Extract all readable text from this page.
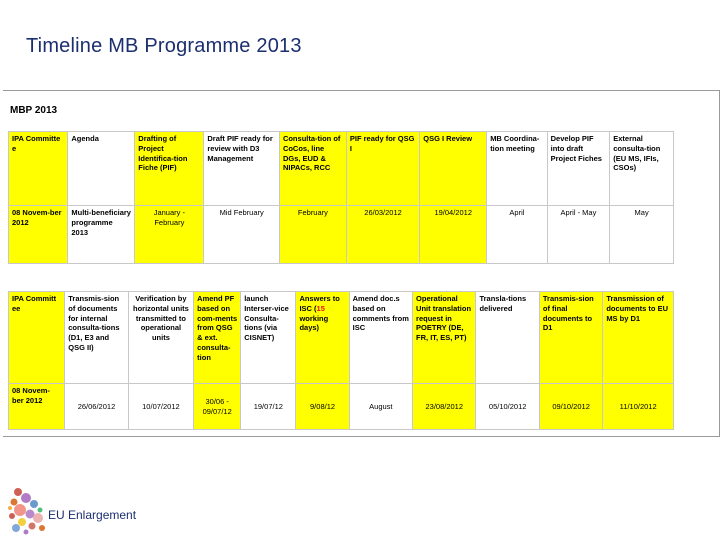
Timeline MB Programme 2013
MBP 2013
IPA Committe e	Agenda	Drafting of Project Identifica-tion Fiche (PIF)	Draft PIF ready for review with D3 Management	Consulta-tion of CoCos, line DGs, EUD & NIPACs, RCC	PIF ready for QSG I	QSG I Review	MB Coordina-tion meeting	Develop PIF into draft Project Fiches	External consulta-tion (EU MS, IFIs, CSOs)
08 Novem-ber 2012	Multi-beneficiary programme 2013	January - February	Mid February	February	26/03/2012	19/04/2012	April	April - May	May
IPA Committ ee	Transmis-sion of documents for internal consulta-tions (D1, E3 and QSG II)	Verification by horizontal units transmitted to operational units	Amend PF based on com-ments from QSG & ext. consulta-tion	launch Interser-vice Consulta-tions (via CISNET)	Answers to ISC (15 working days)	Amend doc.s based on comments from ISC	Operational Unit translation request in POETRY (DE, FR, IT, ES, PT)	Transla-tions delivered	Transmis-sion of final documents to D1	Transmission of documents to EU MS by D1
08 Novem-ber 2012	26/06/2012	10/07/2012	30/06 - 09/07/12	19/07/12	9/08/12	August	23/08/2012	05/10/2012	09/10/2012	11/10/2012
EU Enlargement
